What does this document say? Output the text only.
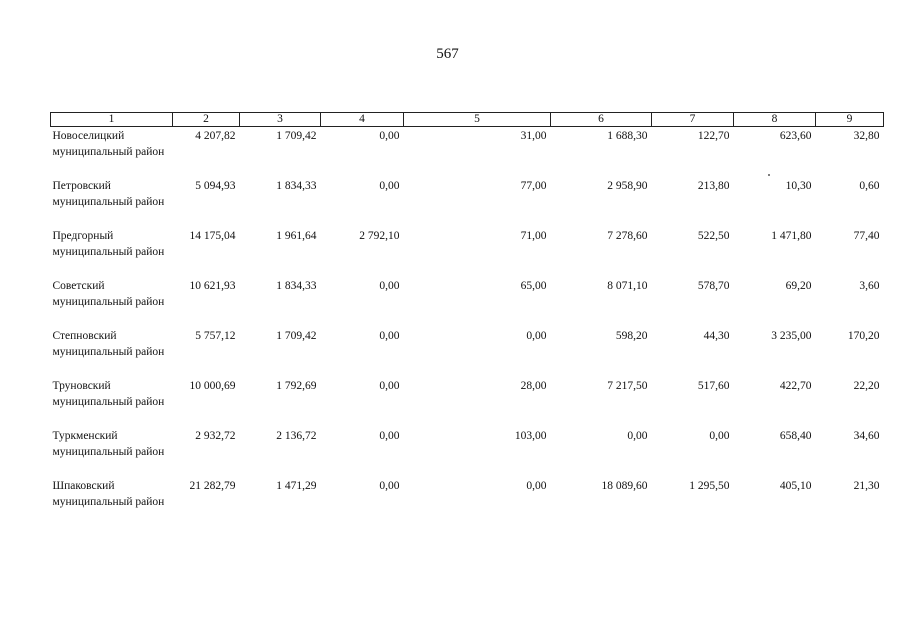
567
1	2	3	4	5	6	7	8	9
Новоселицкий муниципальный район	4 207,82	1 709,42	0,00	31,00	1 688,30	122,70	623,60	32,80
Петровский муниципальный район	5 094,93	1 834,33	0,00	77,00	2 958,90	213,80	10,30	0,60
Предгорный муниципальный район	14 175,04	1 961,64	2 792,10	71,00	7 278,60	522,50	1 471,80	77,40
Советский муниципальный район	10 621,93	1 834,33	0,00	65,00	8 071,10	578,70	69,20	3,60
Степновский муниципальный район	5 757,12	1 709,42	0,00	0,00	598,20	44,30	3 235,00	170,20
Труновский муниципальный район	10 000,69	1 792,69	0,00	28,00	7 217,50	517,60	422,70	22,20
Туркменский муниципальный район	2 932,72	2 136,72	0,00	103,00	0,00	0,00	658,40	34,60
Шпаковский муниципальный район	21 282,79	1 471,29	0,00	0,00	18 089,60	1 295,50	405,10	21,30
